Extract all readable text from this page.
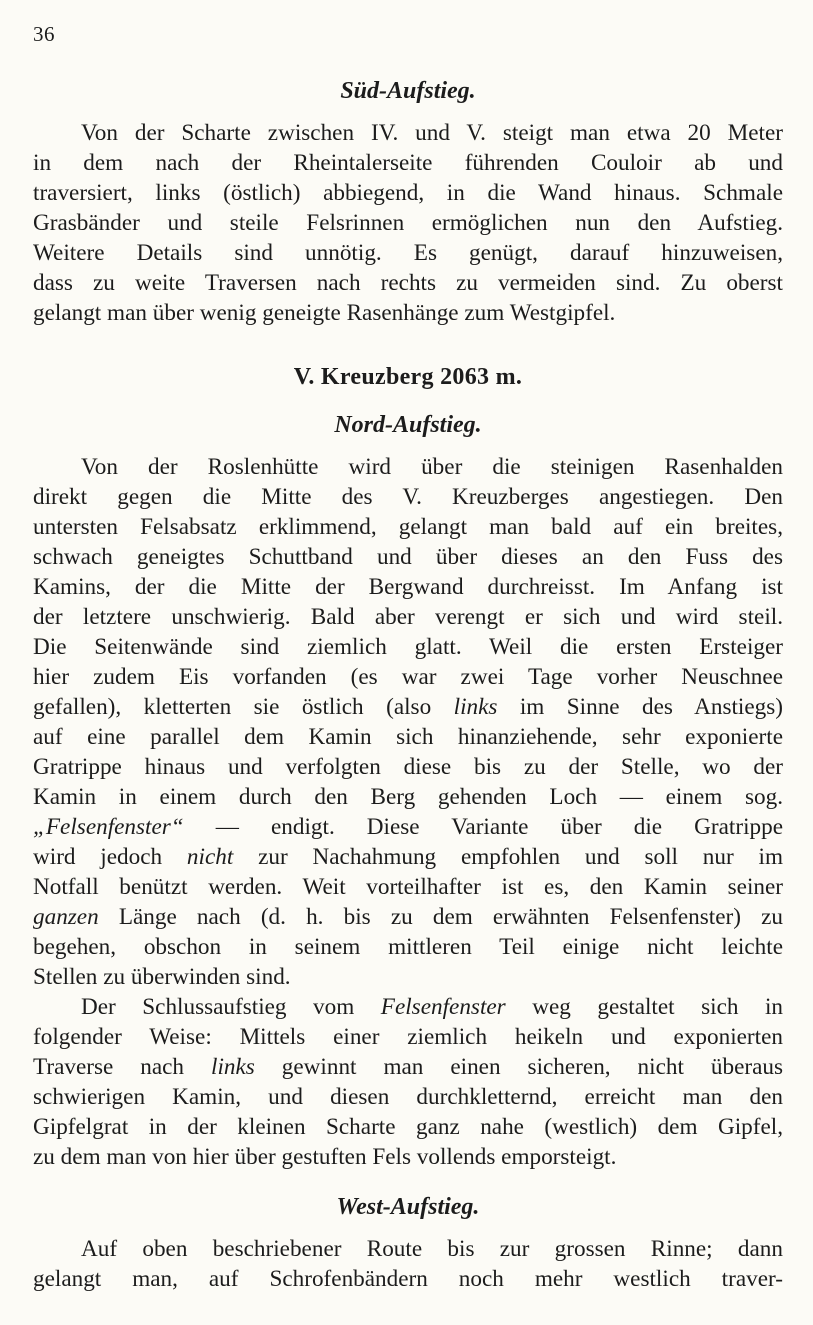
36
Süd-Aufstieg.
Von der Scharte zwischen IV. und V. steigt man etwa 20 Meter
in dem nach der Rheintalerseite führenden Couloir ab und
traversiert, links (östlich) abbiegend, in die Wand hinaus. Schmale
Grasbänder und steile Felsrinnen ermöglichen nun den Aufstieg.
Weitere Details sind unnötig. Es genügt, darauf hinzuweisen,
dass zu weite Traversen nach rechts zu vermeiden sind. Zu oberst
gelangt man über wenig geneigte Rasenhänge zum Westgipfel.
V. Kreuzberg 2063 m.
Nord-Aufstieg.
Von der Roslenhütte wird über die steinigen Rasenhalden
direkt gegen die Mitte des V. Kreuzberges angestiegen. Den
untersten Felsabsatz erklimmend, gelangt man bald auf ein breites,
schwach geneigtes Schuttband und über dieses an den Fuss des
Kamins, der die Mitte der Bergwand durchreisst. Im Anfang ist
der letztere unschwierig. Bald aber verengt er sich und wird steil.
Die Seitenwände sind ziemlich glatt. Weil die ersten Ersteiger
hier zudem Eis vorfanden (es war zwei Tage vorher Neuschnee
gefallen), kletterten sie östlich (also links im Sinne des Anstiegs)
auf eine parallel dem Kamin sich hinanziehende, sehr exponierte
Gratrippe hinaus und verfolgten diese bis zu der Stelle, wo der
Kamin in einem durch den Berg gehenden Loch — einem sog.
„Felsenfenster“ — endigt. Diese Variante über die Gratrippe
wird jedoch nicht zur Nachahmung empfohlen und soll nur im
Notfall benützt werden. Weit vorteilhafter ist es, den Kamin seiner
ganzen Länge nach (d. h. bis zu dem erwähnten Felsenfenster) zu
begehen, obschon in seinem mittleren Teil einige nicht leichte
Stellen zu überwinden sind.
Der Schlussaufstieg vom Felsenfenster weg gestaltet sich in
folgender Weise: Mittels einer ziemlich heikeln und exponierten
Traverse nach links gewinnt man einen sicheren, nicht überaus
schwierigen Kamin, und diesen durchkletternd, erreicht man den
Gipfelgrat in der kleinen Scharte ganz nahe (westlich) dem Gipfel,
zu dem man von hier über gestuften Fels vollends emporsteigt.
West-Aufstieg.
Auf oben beschriebener Route bis zur grossen Rinne; dann
gelangt man, auf Schrofenbändern noch mehr westlich traver-
